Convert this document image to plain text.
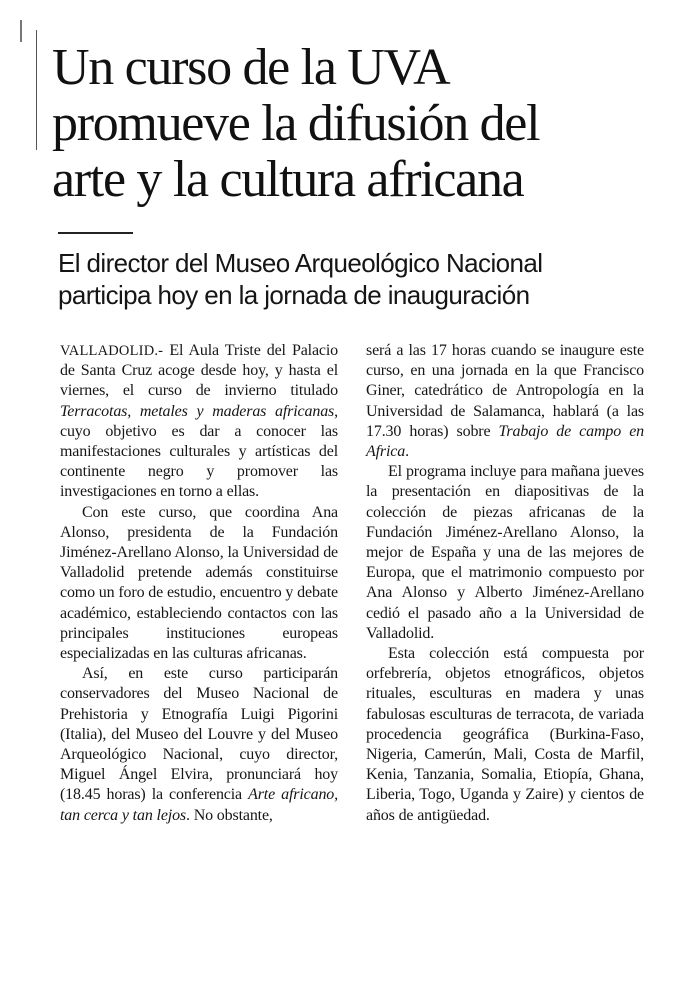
Un curso de la UVA
promueve la difusión del
arte y la cultura africana
El director del Museo Arqueológico Nacional
participa hoy en la jornada de inauguración

VALLADOLID.- El Aula Triste del Palacio de Santa Cruz acoge desde hoy, y hasta el viernes, el curso de invierno titulado Terracotas, metales y maderas africanas, cuyo objetivo es dar a conocer las manifestaciones culturales y artísticas del continente negro y promover las investigaciones en torno a ellas.

Con este curso, que coordina Ana Alonso, presidenta de la Fundación Jiménez-Arellano Alonso, la Universidad de Valladolid pretende además constituirse como un foro de estudio, encuentro y debate académico, estableciendo contactos con las principales instituciones europeas especializadas en las culturas africanas.

Así, en este curso participarán conservadores del Museo Nacional de Prehistoria y Etnografía Luigi Pigorini (Italia), del Museo del Louvre y del Museo Arqueológico Nacional, cuyo director, Miguel Ángel Elvira, pronunciará hoy (18.45 horas) la conferencia Arte africano, tan cerca y tan lejos. No obstante,

será a las 17 horas cuando se inaugure este curso, en una jornada en la que Francisco Giner, catedrático de Antropología en la Universidad de Salamanca, hablará (a las 17.30 horas) sobre Trabajo de campo en Africa.

El programa incluye para mañana jueves la presentación en diapositivas de la colección de piezas africanas de la Fundación Jiménez-Arellano Alonso, la mejor de España y una de las mejores de Europa, que el matrimonio compuesto por Ana Alonso y Alberto Jiménez-Arellano cedió el pasado año a la Universidad de Valladolid.

Esta colección está compuesta por orfebrería, objetos etnográficos, objetos rituales, esculturas en madera y unas fabulosas esculturas de terracota, de variada procedencia geográfica (Burkina-Faso, Nigeria, Camerún, Mali, Costa de Marfil, Kenia, Tanzania, Somalia, Etiopía, Ghana, Liberia, Togo, Uganda y Zaire) y cientos de años de antigüedad.
